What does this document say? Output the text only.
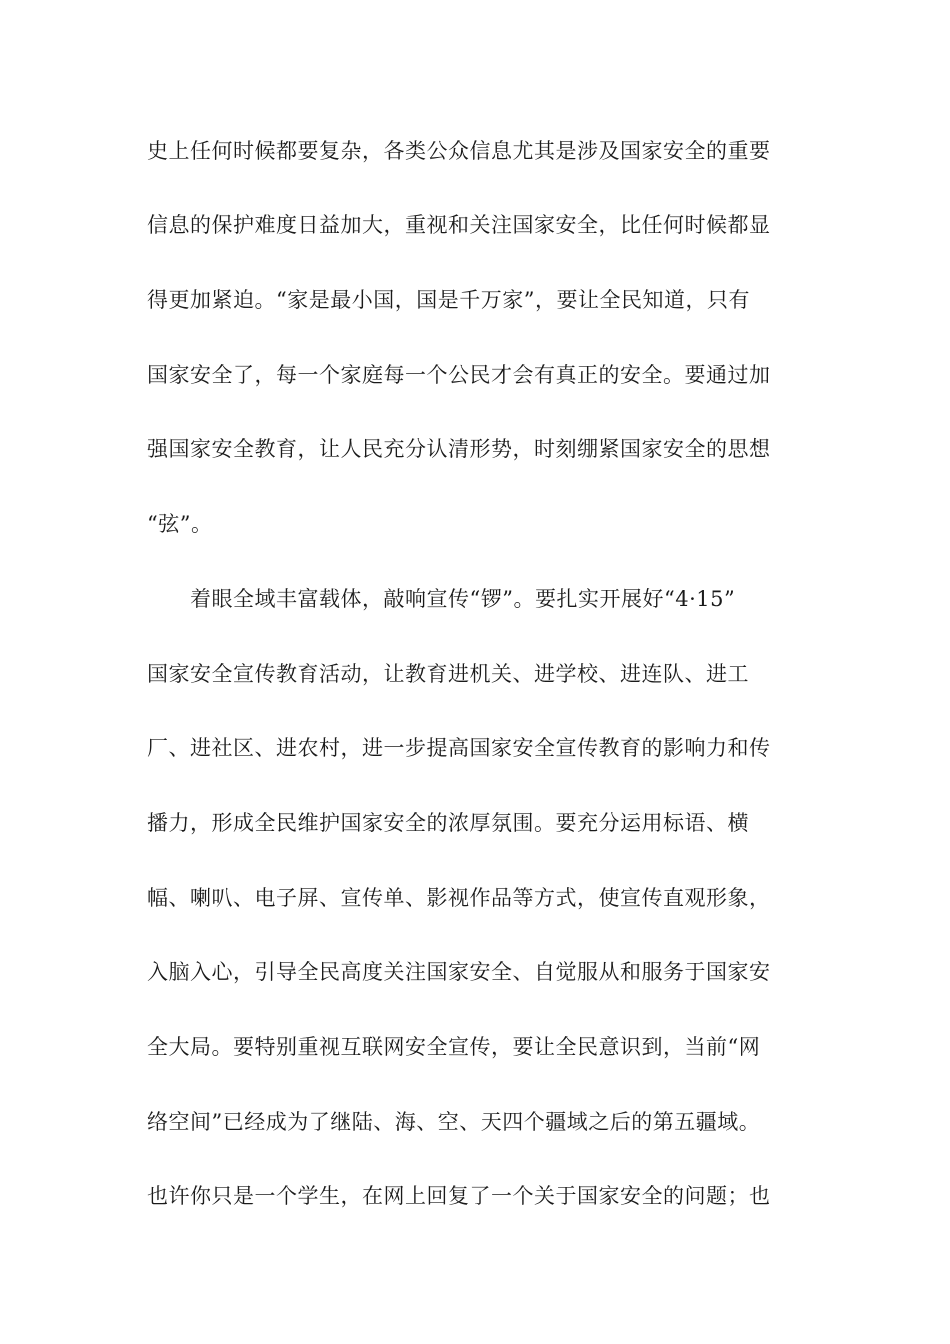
史上任何时候都要复杂，各类公众信息尤其是涉及国家安全的重要
信息的保护难度日益加大，重视和关注国家安全，比任何时候都显
得更加紧迫。“家是最小国，国是千万家”，要让全民知道，只有
国家安全了，每一个家庭每一个公民才会有真正的安全。要通过加
强国家安全教育，让人民充分认清形势，时刻绷紧国家安全的思想
“弦”。
　　着眼全域丰富载体，敲响宣传“锣”。要扎实开展好“4·15”
国家安全宣传教育活动，让教育进机关、进学校、进连队、进工
厂、进社区、进农村，进一步提高国家安全宣传教育的影响力和传
播力，形成全民维护国家安全的浓厚氛围。要充分运用标语、横
幅、喇叭、电子屏、宣传单、影视作品等方式，使宣传直观形象，
入脑入心，引导全民高度关注国家安全、自觉服从和服务于国家安
全大局。要特别重视互联网安全宣传，要让全民意识到，当前“网
络空间”已经成为了继陆、海、空、天四个疆域之后的第五疆域。
也许你只是一个学生，在网上回复了一个关于国家安全的问题；也
